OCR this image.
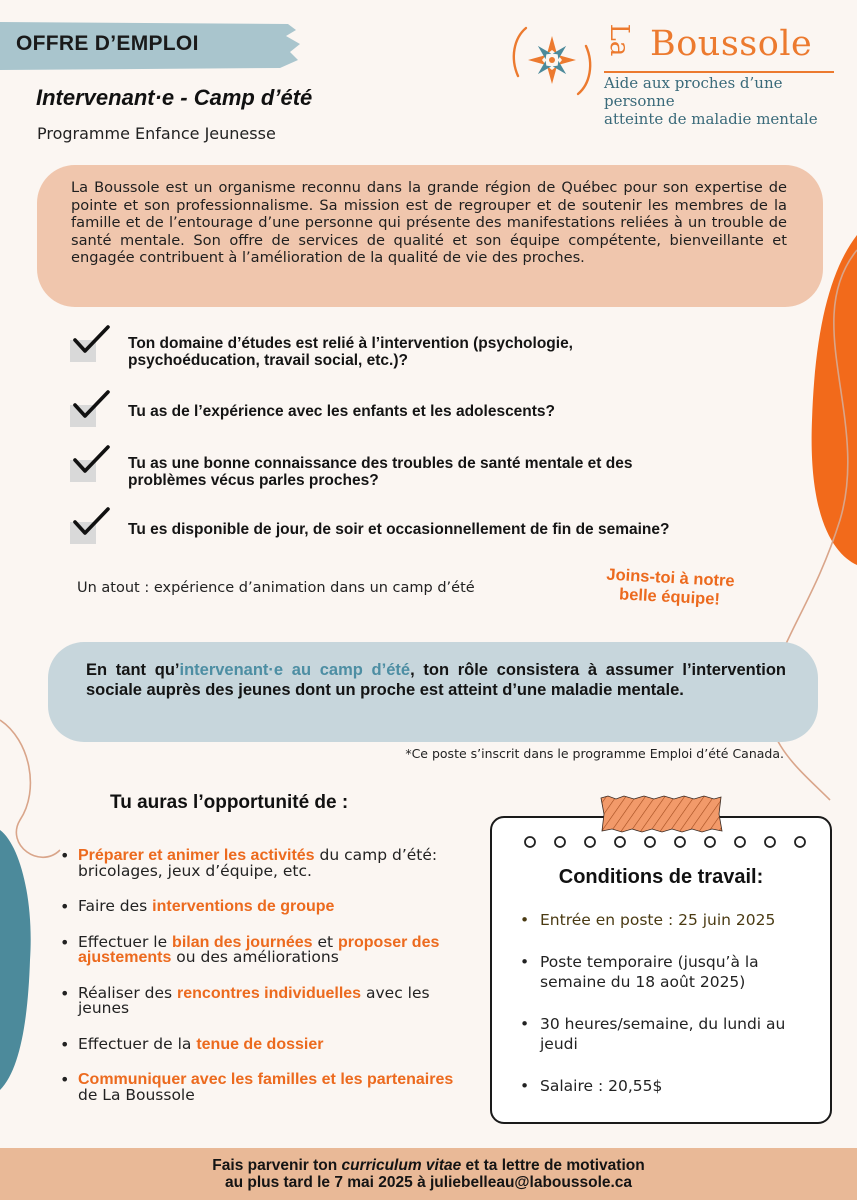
OFFRE D’EMPLOI
Intervenant·e - Camp d’été
Programme Enfance Jeunesse
La Boussole
Aide aux proches d’une personne
atteinte de maladie mentale
La Boussole est un organisme reconnu dans la grande région de Québec pour son expertise de pointe et son professionnalisme. Sa mission est de regrouper et de soutenir les membres de la famille et de l’entourage d’une personne qui présente des manifestations reliées à un trouble de santé mentale. Son offre de services de qualité et son équipe compétente, bienveillante et engagée contribuent à l’amélioration de la qualité de vie des proches.
Ton domaine d’études est relié à l’intervention (psychologie,
psychoéducation, travail social, etc.)?
Tu as de l’expérience avec les enfants et les adolescents?
Tu as une bonne connaissance des troubles de santé mentale et des
problèmes vécus parles proches?
Tu es disponible de jour, de soir et occasionnellement de fin de semaine?
Un atout : expérience d’animation dans un camp d’été	Joins-toi à notre
belle équipe!
En tant qu’intervenant·e au camp d’été, ton rôle consistera à assumer l’intervention sociale auprès des jeunes dont un proche est atteint d’une maladie mentale.
*Ce poste s’inscrit dans le programme Emploi d’été Canada.
Tu auras l’opportunité de :
• Préparer et animer les activités du camp d’été: bricolages, jeux d’équipe, etc.
• Faire des interventions de groupe
• Effectuer le bilan des journées et proposer des ajustements ou des améliorations
• Réaliser des rencontres individuelles avec les jeunes
• Effectuer de la tenue de dossier
• Communiquer avec les familles et les partenaires de La Boussole
Conditions de travail:
• Entrée en poste : 25 juin 2025
• Poste temporaire (jusqu’à la semaine du 18 août 2025)
• 30 heures/semaine, du lundi au jeudi
• Salaire : 20,55$
Fais parvenir ton curriculum vitae et ta lettre de motivation
au plus tard le 7 mai 2025 à juliebelleau@laboussole.ca
